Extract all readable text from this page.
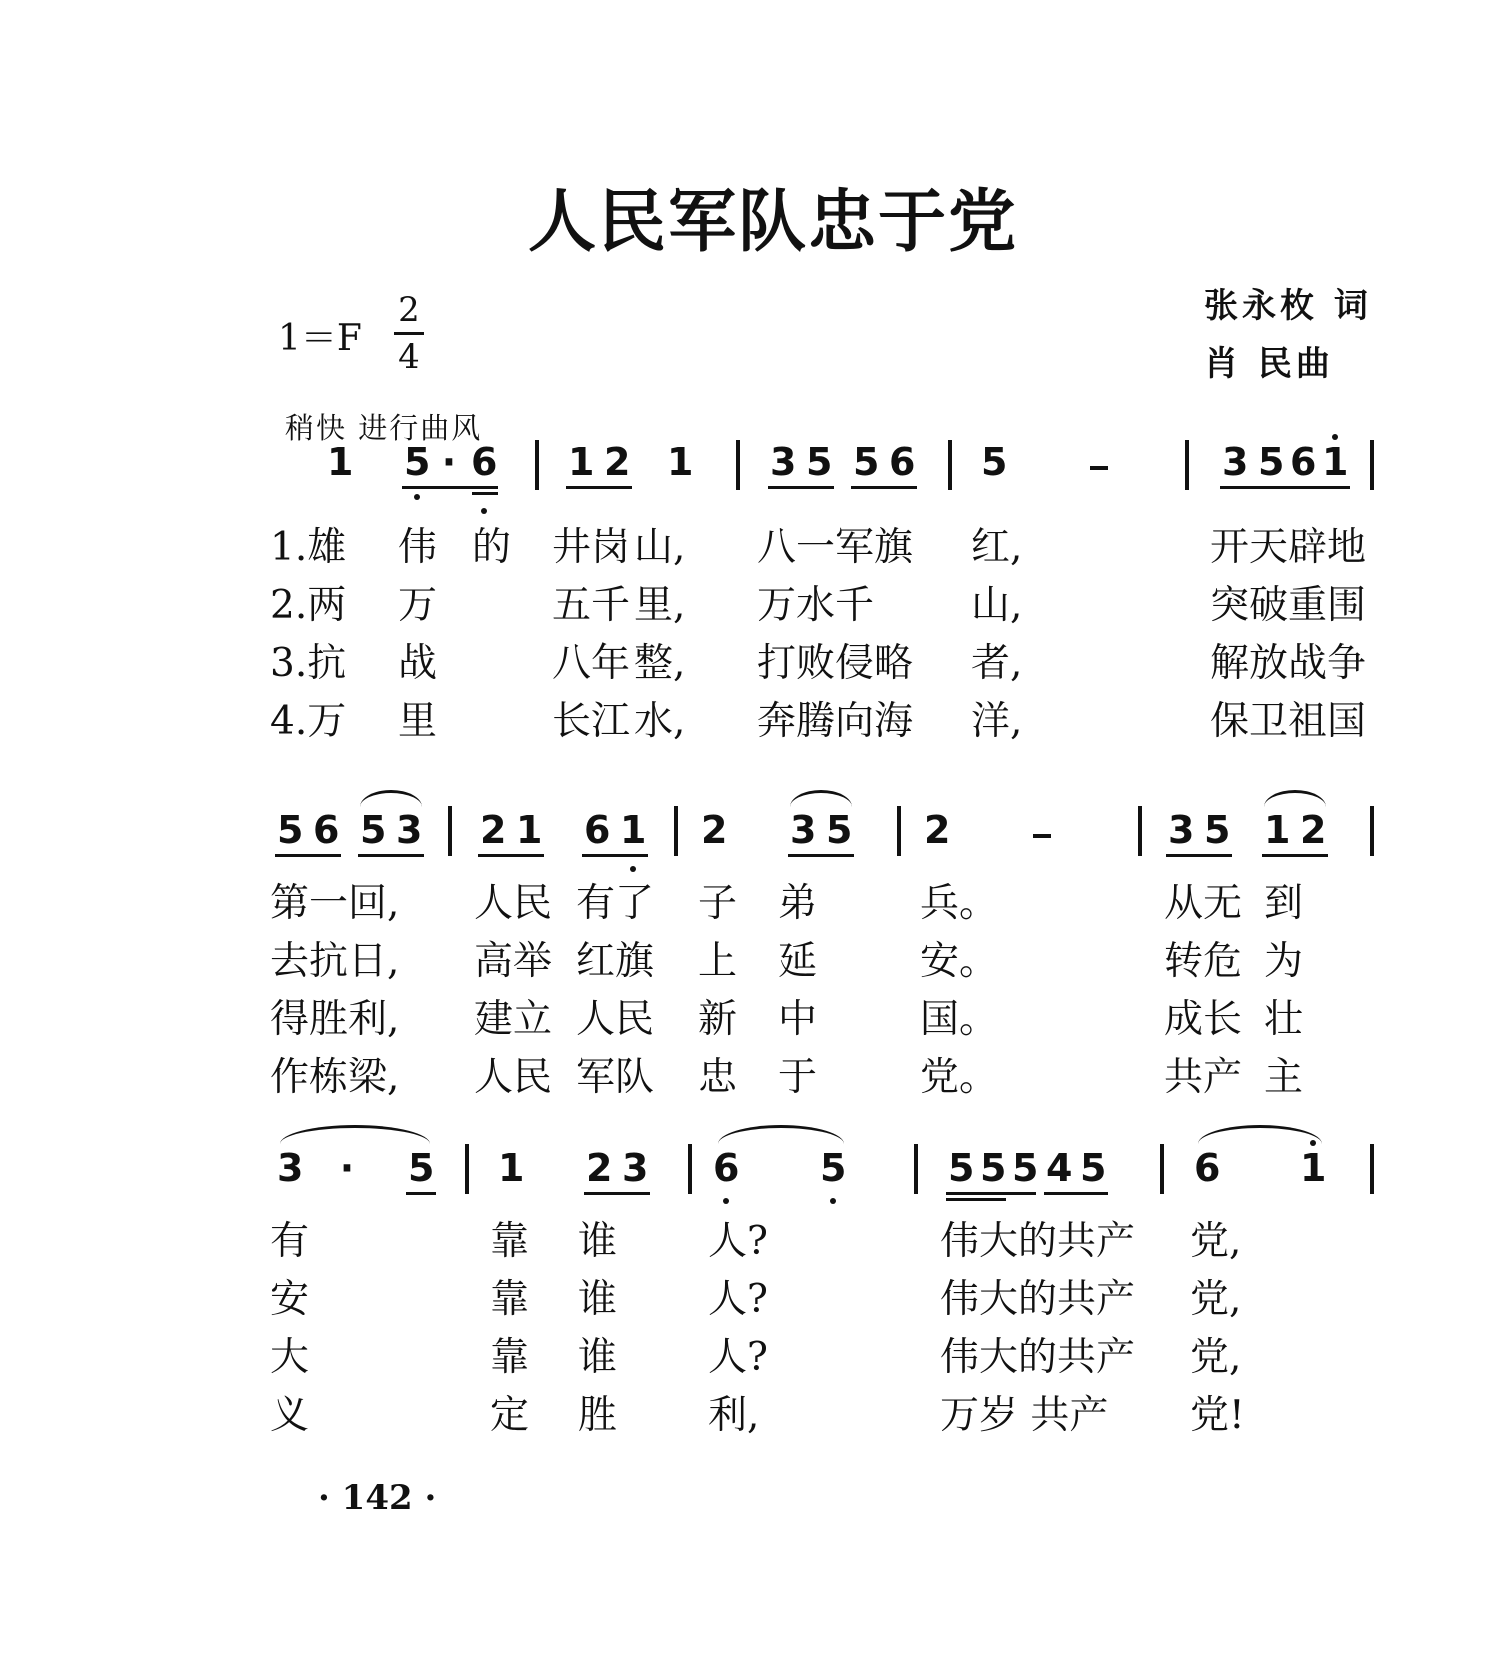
人民军队忠于党
1＝F
2
4
张永枚 词
肖 民曲
稍快 进行曲风
1 5 · 6 1 2 1 3 5 5 6 5	3 5 6 1
1.雄 伟 的 井岗 山, 八一军旗 红,	开天辟地
2.两 万	五千 里, 万水千 山,	突破重围
3.抗 战	八年 整, 打败侵略 者,	解放战争
4.万 里	长江 水, 奔腾向海 洋,	保卫祖国
5 6 5 3 2 1 6 1 2 3 5 2	3 5 1 2
第一回, 人民 有了 子 弟	兵。	从无 到
去抗日, 高举 红旗 上 延	安。	转危 为
得胜利, 建立 人民 新 中	国。	成长 壮
作栋梁, 人民 军队 忠 于	党。	共产 主
3 · 5 1 2 3 6 5	5 5 5 4 5 6 1
有	靠 谁 人?	伟大的共产 党,
安	靠 谁 人?	伟大的共产 党,
大	靠 谁 人?	伟大的共产 党,
义	定 胜 利,	万岁 共产 党!
· 142 ·
